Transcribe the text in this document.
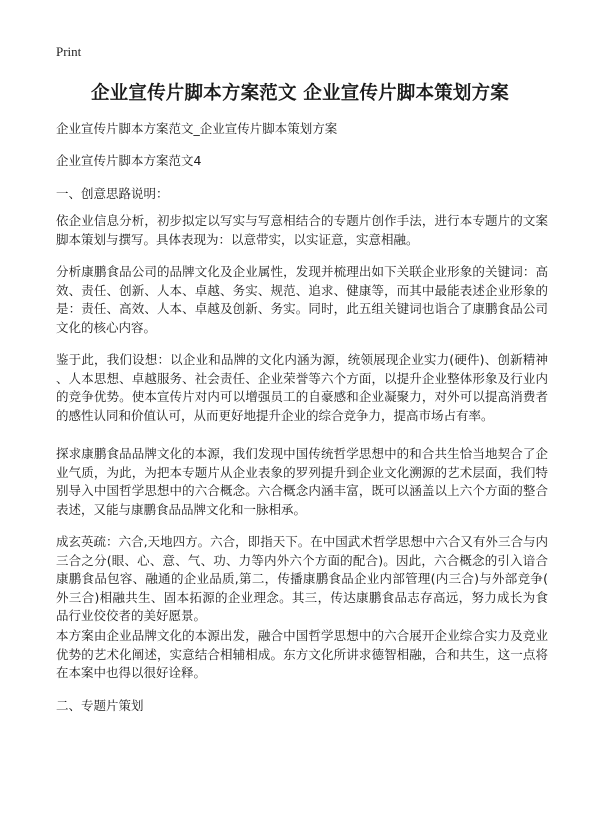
Print
企业宣传片脚本方案范文 企业宣传片脚本策划方案

企业宣传片脚本方案范文_企业宣传片脚本策划方案

企业宣传片脚本方案范文4

一、创意思路说明：

依企业信息分析，初步拟定以写实与写意相结合的专题片创作手法，进行本专题片的文案脚本策划与撰写。具体表现为：以意带实，以实证意，实意相融。

分析康鹏食品公司的品牌文化及企业属性，发现并梳理出如下关联企业形象的关键词：高效、责任、创新、人本、卓越、务实、规范、追求、健康等，而其中最能表述企业形象的是：责任、高效、人本、卓越及创新、务实。同时，此五组关键词也诣合了康鹏食品公司文化的核心内容。

鉴于此，我们设想：以企业和品牌的文化内涵为源，统领展现企业实力(硬件)、创新精神、人本思想、卓越服务、社会责任、企业荣誉等六个方面，以提升企业整体形象及行业内的竞争优势。使本宣传片对内可以增强员工的自豪感和企业凝聚力，对外可以提高消费者的感性认同和价值认可，从而更好地提升企业的综合竞争力，提高市场占有率。

探求康鹏食品品牌文化的本源，我们发现中国传统哲学思想中的和合共生恰当地契合了企业气质，为此，为把本专题片从企业表象的罗列提升到企业文化溯源的艺术层面，我们特别导入中国哲学思想中的六合概念。六合概念内涵丰富，既可以涵盖以上六个方面的整合表述，又能与康鹏食品品牌文化和一脉相承。

成玄英疏：六合,天地四方。六合，即指天下。在中国武术哲学思想中六合又有外三合与内三合之分(眼、心、意、气、功、力等内外六个方面的配合)。因此，六合概念的引入谙合康鹏食品包容、融通的企业品质,第二，传播康鹏食品企业内部管理(内三合)与外部竞争(外三合)相融共生、固本拓源的企业理念。其三，传达康鹏食品志存高远，努力成长为食品行业佼佼者的美好愿景。

本方案由企业品牌文化的本源出发，融合中国哲学思想中的六合展开企业综合实力及竞业优势的艺术化阐述，实意结合相辅相成。东方文化所讲求德智相融，合和共生，这一点将在本案中也得以很好诠释。

二、专题片策划
